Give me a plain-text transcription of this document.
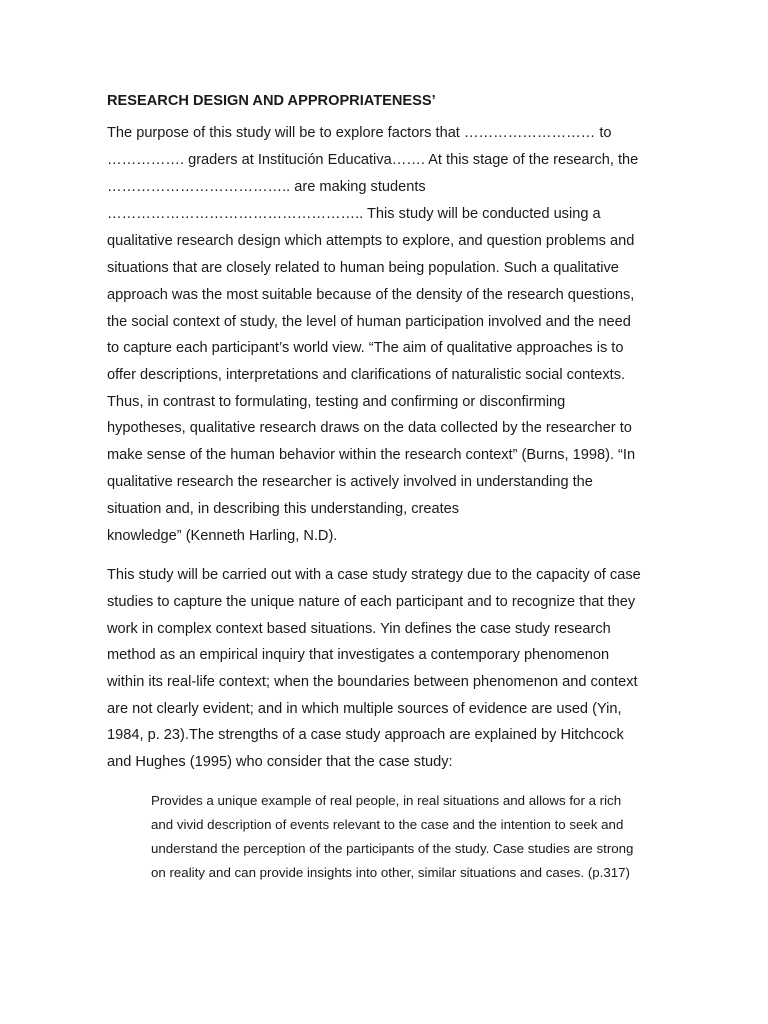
RESEARCH DESIGN AND APPROPRIATENESS’
The purpose of this study will be to explore factors that ……………………… to
……………. graders at Institución Educativa……. At this stage of the research, the
……………………………….. are making students
…………………………………………….. This study will be conducted using a
qualitative research design which attempts to explore, and question problems and
situations that are closely related to human being population. Such a qualitative
approach was the most suitable because of the density of the research questions,
the social context of study, the level of human participation involved and the need
to capture each participant’s world view. “The aim of qualitative approaches is to
offer descriptions, interpretations and clarifications of naturalistic social contexts.
Thus, in contrast to formulating, testing and confirming or disconfirming
hypotheses, qualitative research draws on the data collected by the researcher to
make sense of the human behavior within the research context” (Burns, 1998). “In
qualitative research the researcher is actively involved in understanding the
situation and, in describing this understanding, creates
knowledge” (Kenneth Harling, N.D).
This study will be carried out with a case study strategy due to the capacity of case
studies to capture the unique nature of each participant and to recognize that they
work in complex context based situations. Yin defines the case study research
method as an empirical inquiry that investigates a contemporary phenomenon
within its real-life context; when the boundaries between phenomenon and context
are not clearly evident; and in which multiple sources of evidence are used (Yin,
1984, p. 23).The strengths of a case study approach are explained by Hitchcock
and Hughes (1995) who consider that the case study:
Provides a unique example of real people, in real situations and allows for a rich
and vivid description of events relevant to the case and the intention to seek and
understand the perception of the participants of the study. Case studies are strong
on reality and can provide insights into other, similar situations and cases. (p.317)
